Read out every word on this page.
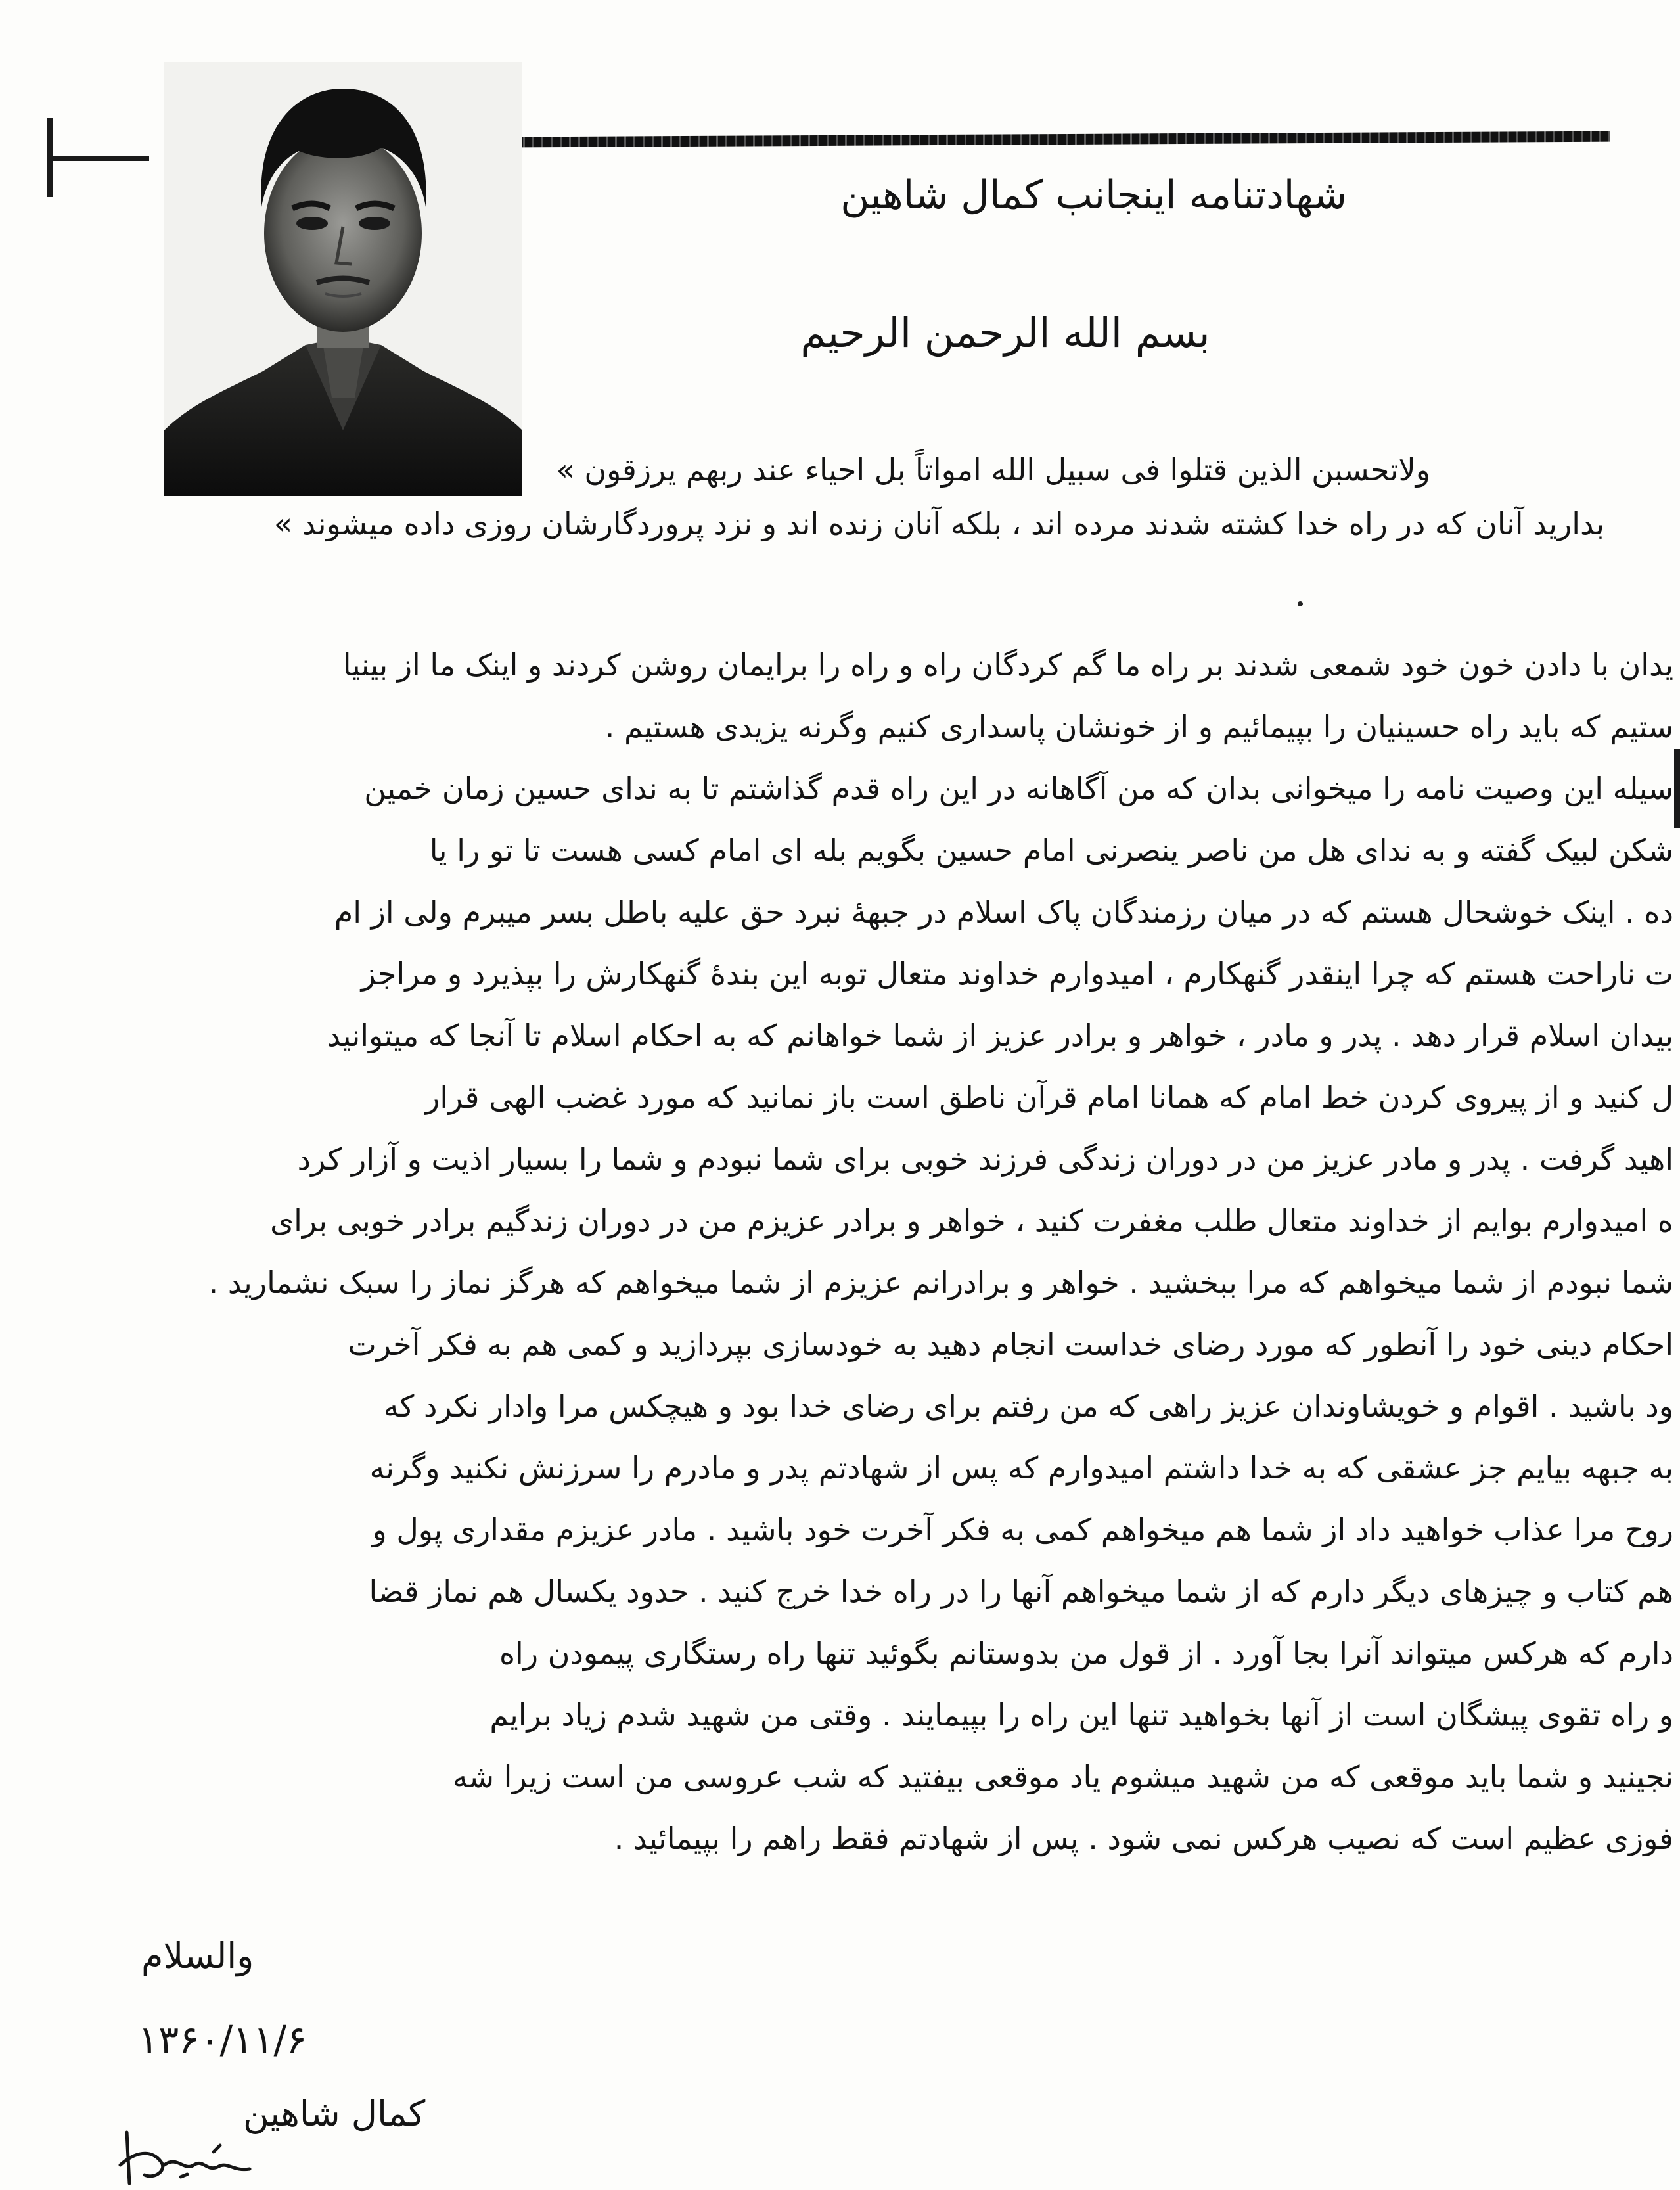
شهادتنامه اینجانب کمال شاهین
بسم الله الرحمن الرحیم
ولاتحسبن الذین قتلوا فی سبیل الله امواتاً بل احیاء عند ربهم یرزقون »
بدارید آنان که در راه خدا کشته شدند مرده اند ، بلکه آنان زنده اند و نزد پروردگارشان روزی داده میشوند »
یدان با دادن خون خود شمعی شدند بر راه ما گم کردگان راه و راه را برایمان روشن کردند و اینک ما از بینیا
ستیم که باید راه حسینیان را بپیمائیم و از خونشان پاسداری کنیم وگرنه یزیدی هستیم .
سیله این وصیت نامه را میخوانی بدان که من آگاهانه در این راه قدم گذاشتم تا به ندای حسین زمان خمین
شکن لبیک گفته و به ندای هل من ناصر ینصرنی امام حسین بگویم بله ای امام کسی هست تا تو را یا
ده . اینک خوشحال هستم که در میان رزمندگان پاک اسلام در جبههٔ نبرد حق علیه باطل بسر میبرم ولی از ام
ت ناراحت هستم که چرا اینقدر گنهکارم ، امیدوارم خداوند متعال توبه این بندهٔ گنهکارش را بپذیرد و مراجز
بیدان اسلام قرار دهد . پدر و مادر ، خواهر و برادر عزیز از شما خواهانم که به احکام اسلام تا آنجا که میتوانید
ل کنید و از پیروی کردن خط امام که همانا امام قرآن ناطق است باز نمانید که مورد غضب الهی قرار
اهید گرفت . پدر و مادر عزیز من در دوران زندگی فرزند خوبی برای شما نبودم و شما را بسیار اذیت و آزار کرد
ه امیدوارم بوایم از خداوند متعال طلب مغفرت کنید ، خواهر و برادر عزیزم من در دوران زندگیم برادر خوبی برای
شما نبودم از شما میخواهم که مرا ببخشید . خواهر و برادرانم عزیزم از شما میخواهم که هرگز نماز را سبک نشمارید .
احکام دینی خود را آنطور که مورد رضای خداست انجام دهید به خودسازی بپردازید و کمی هم به فکر آخرت
ود باشید . اقوام و خویشاوندان عزیز راهی که من رفتم برای رضای خدا بود و هیچکس مرا وادار نکرد که
به جبهه بیایم جز عشقی که به خدا داشتم امیدوارم که پس از شهادتم پدر و مادرم را سرزنش نکنید وگرنه
روح مرا عذاب خواهید داد از شما هم میخواهم کمی به فکر آخرت خود باشید . مادر عزیزم مقداری پول و
هم کتاب و چیزهای دیگر دارم که از شما میخواهم آنها را در راه خدا خرج کنید . حدود یکسال هم نماز قضا
دارم که هرکس میتواند آنرا بجا آورد . از قول من بدوستانم بگوئید تنها راه رستگاری پیمودن راه
و راه تقوی پیشگان است از آنها بخواهید تنها این راه را بپیمایند . وقتی من شهید شدم زیاد برایم
نجینید و شما باید موقعی که من شهید میشوم یاد موقعی بیفتید که شب عروسی من است زیرا شه
فوزی عظیم است که نصیب هرکس نمی شود . پس از شهادتم فقط راهم را بپیمائید .
والسلام
۱۳۶۰/۱۱/۶
کمال شاهین
